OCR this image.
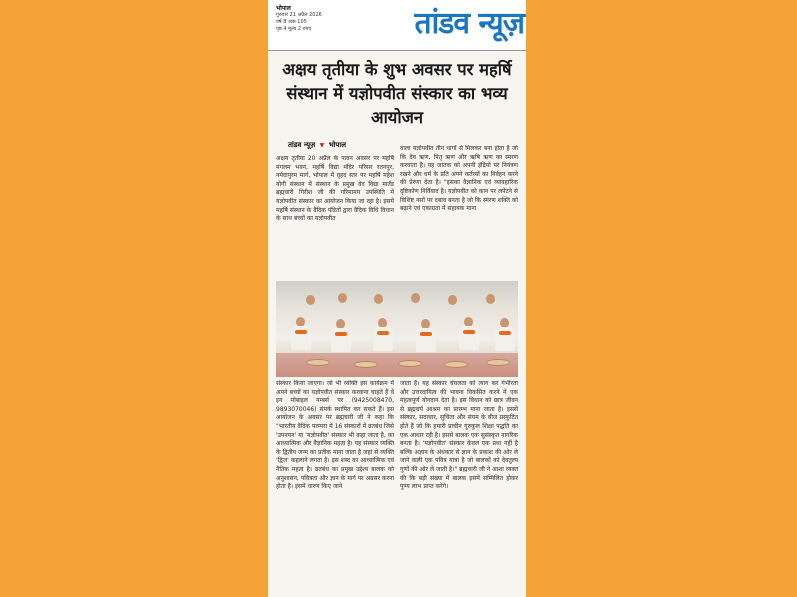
भोपाल
गुरुवार 21 अप्रैल 2026
वर्ष 8 अंक 105
पृष्ठ 4 मूल्य 2 रुपए	तांडव न्यूज़
अक्षय तृतीया के शुभ अवसर पर महर्षि संस्थान में यज्ञोपवीत संस्कार का भव्य आयोजन
तांडव न्यूज़ ▼ भोपाल
अक्षय तृतीया 20 अप्रैल के पावन अवसर पर महर्षि मंगलम भवन, महर्षि विद्या मंदिर परिसर रतनपुर, नर्मदापुरम मार्ग, भोपाल में वृहद स्तर पर महर्षि महेश योगी संस्थान में संस्थान के प्रमुख वेद विद्या मार्तंड ब्रह्मचारी गिरीश जी की गरिमामय उपस्थिति में यज्ञोपवीत संस्कार का आयोजन किया जा रहा है। इसमें महर्षि संस्थान के वैदिक पंडितों द्वारा वैदिक विधि विधान के साथ बच्चों का यज्ञोपवीत
वाला यज्ञोपवीत तीन धागों से मिलकर बना होता है जो कि देव ऋण, पितृ ऋण और ऋषि ऋण का स्मरण करवाता है। यह जातक को अपनी इंद्रियों पर नियंत्रण रखने और धर्म के प्रति अपने कर्तव्यों का निर्वहन करने की प्रेरणा देता है। "इसका वैज्ञानिक एवं व्यावहारिक दृष्टिकोण निर्विवाद है। यज्ञोपवीत को कान पर लपेटने से विशिष्ट नसों पर दबाव बनता है जो कि स्मरण शक्ति को बढ़ाने एवं एकाग्रता में सहायक माना
संस्कार किया जाएगा। जो भी व्यक्ति इस कार्यक्रम में अपने बच्चों का यज्ञोपवीत संस्कार करवाना चाहते हैं वे इन मोबाइल नम्बर्स पर (9425008470, 9893070046) संपर्क स्थापित कर सकते हैं। इस आयोजन के अवसर पर ब्रह्मचारी जी ने कहा कि "भारतीय वैदिक परम्परा में 16 संस्कारों में व्रतबंध जिसे 'उपनयन' या 'यज्ञोपवीत' संस्कार भी कहा जाता है, का आध्यात्मिक और वैज्ञानिक महत्व है। यह संस्कार व्यक्ति के द्वितीय जन्म का प्रतीक माना जाता है जहां से व्यक्ति 'द्विज' कहलाने लगता है। इस शब्द का आध्यात्मिक एवं नैतिक महत्व है। व्रतबंध का प्रमुख उद्देश्य बालक को अनुशासन, पवित्रता और ज्ञान के मार्ग पर अग्रसर करना होता है। इसमें धारण किए जाने
जाता है। यह संस्कार चंचलता को त्याग कर गंभीरता और उत्तरदायित्व की भावना विकसित करने में एक महत्वपूर्ण योगदान देता है। इस विधान को छात्र जीवन से ब्रह्मचर्य आश्रम का प्रारम्भ माना जाता है। इससे संस्कार, सदाचार, सुचिता और संयम के बीज प्रस्फुटित होते हैं जो कि हमारी प्राचीन गुरुकुल शिक्षा पद्धति का एक आधार रही है। इससे बालक एक सुसंस्कृत नागरिक बनता है। 'यज्ञोपवीत' संस्कार केवल एक प्रथा नहीं है बल्कि अज्ञान के अंधकार से ज्ञान के प्रकाश की ओर ले जाने वाली एक पवित्र यात्रा है जो बालकों को देवतुल्य गुणों की ओर ले जाती है।" ब्रह्मचारी जी ने आशा व्यक्त की कि बड़ी संख्या में बालक इसमें सम्मिलित होकर पुण्य लाभ प्राप्त करेंगे।
